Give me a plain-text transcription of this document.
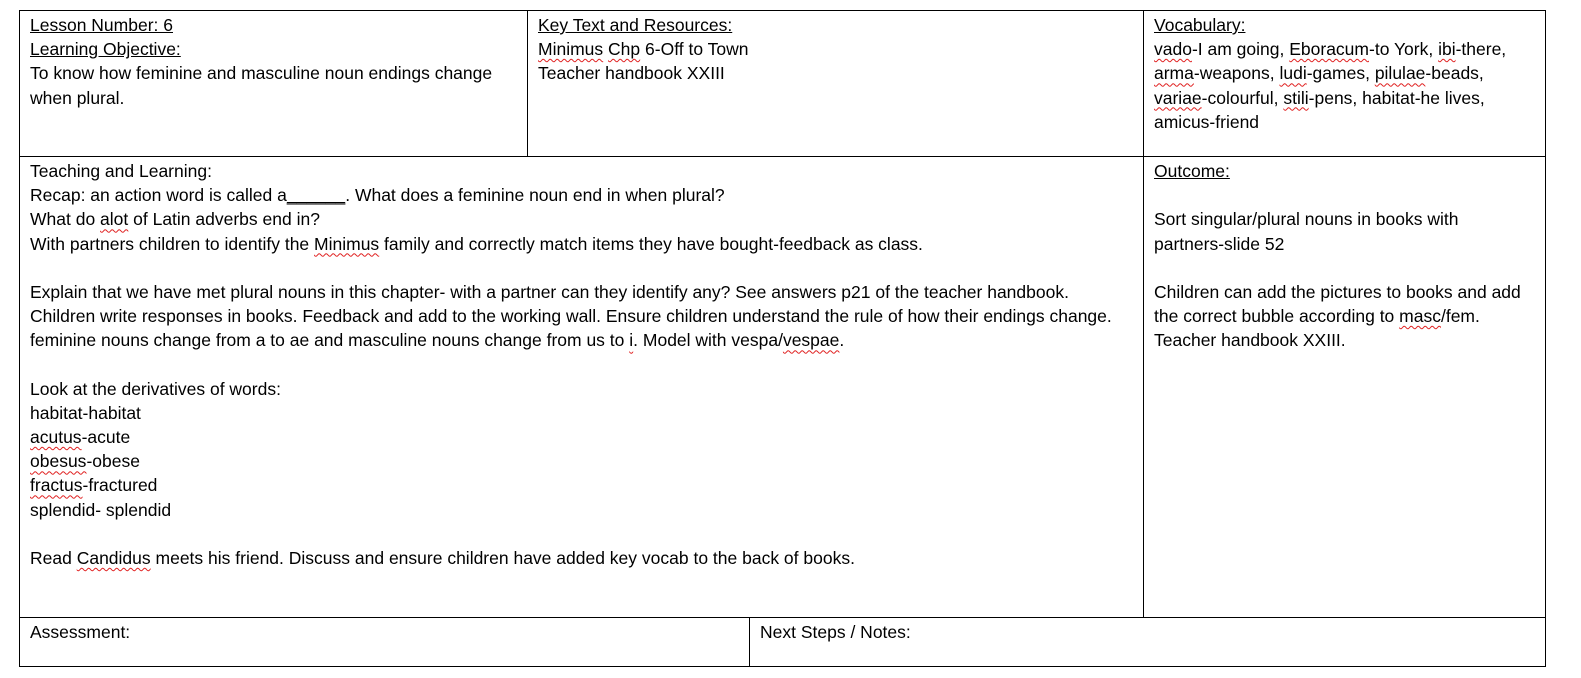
Lesson Number: 6
Learning Objective:
To know how feminine and masculine noun endings change
when plural.
Key Text and Resources:
Minimus Chp 6-Off to Town
Teacher handbook XXIII
Vocabulary:
vado-I am going, Eboracum-to York, ibi-there,
arma-weapons, ludi-games, pilulae-beads,
variae-colourful, stili-pens, habitat-he lives,
amicus-friend
Teaching and Learning:
Recap: an action word is called a______. What does a feminine noun end in when plural?
What do alot of Latin adverbs end in?
With partners children to identify the Minimus family and correctly match items they have bought-feedback as class.
Explain that we have met plural nouns in this chapter- with a partner can they identify any? See answers p21 of the teacher handbook.
Children write responses in books. Feedback and add to the working wall. Ensure children understand the rule of how their endings change.
feminine nouns change from a to ae and masculine nouns change from us to i. Model with vespa/vespae.
Look at the derivatives of words:
habitat-habitat
acutus-acute
obesus-obese
fractus-fractured
splendid- splendid
Read Candidus meets his friend. Discuss and ensure children have added key vocab to the back of books.
Outcome:
Sort singular/plural nouns in books with
partners-slide 52
Children can add the pictures to books and add
the correct bubble according to masc/fem.
Teacher handbook XXIII.
Assessment:	Next Steps / Notes:
